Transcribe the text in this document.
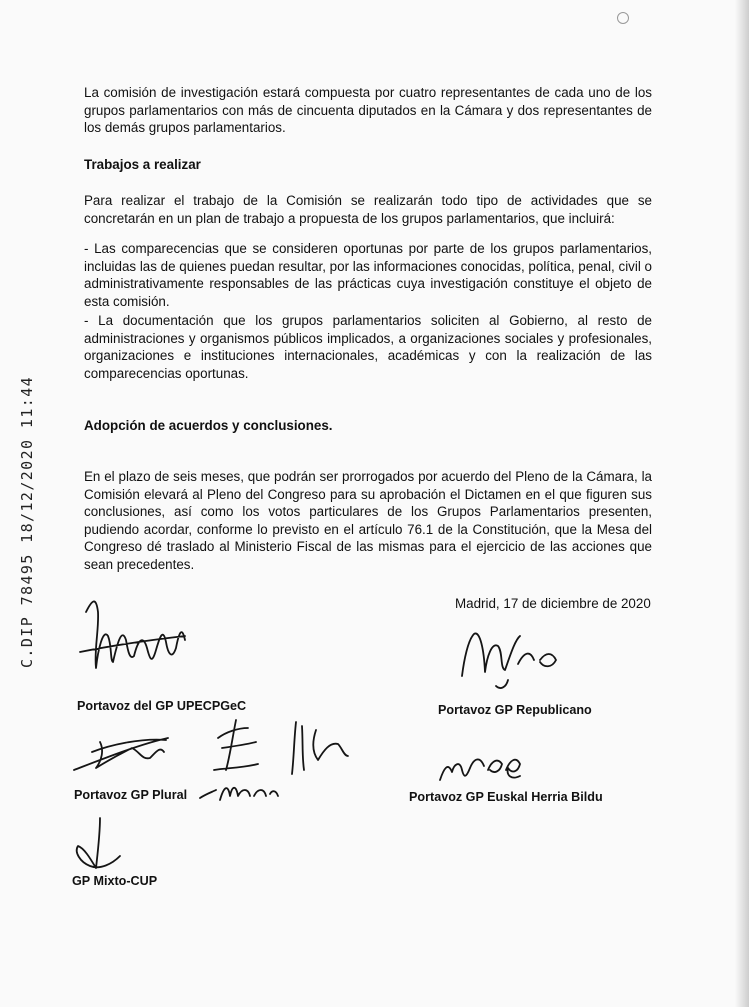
C.DIP 78495 18/12/2020 11:44
La comisión de investigación estará compuesta por cuatro representantes de cada uno de los grupos parlamentarios con más de cincuenta diputados en la Cámara y dos representantes de los demás grupos parlamentarios.
Trabajos a realizar
Para realizar el trabajo de la Comisión se realizarán todo tipo de actividades que se concretarán en un plan de trabajo a propuesta de los grupos parlamentarios, que incluirá:
- Las comparecencias que se consideren oportunas por parte de los grupos parlamentarios, incluidas las de quienes puedan resultar, por las informaciones conocidas, política, penal, civil o administrativamente responsables de las prácticas cuya investigación constituye el objeto de esta comisión.
- La documentación que los grupos parlamentarios soliciten al Gobierno, al resto de administraciones y organismos públicos implicados, a organizaciones sociales y profesionales, organizaciones e instituciones internacionales, académicas y con la realización de las comparecencias oportunas.
Adopción de acuerdos y conclusiones.
En el plazo de seis meses, que podrán ser prorrogados por acuerdo del Pleno de la Cámara, la Comisión elevará al Pleno del Congreso para su aprobación el Dictamen en el que figuren sus conclusiones, así como los votos particulares de los Grupos Parlamentarios presenten, pudiendo acordar, conforme lo previsto en el artículo 76.1 de la Constitución, que la Mesa del Congreso dé traslado al Ministerio Fiscal de las mismas para el ejercicio de las acciones que sean precedentes.
Madrid, 17 de diciembre de 2020
Portavoz del GP UPECPGeC	Portavoz GP Republicano
Portavoz GP Plural	Portavoz GP Euskal Herria Bildu
GP Mixto-CUP
